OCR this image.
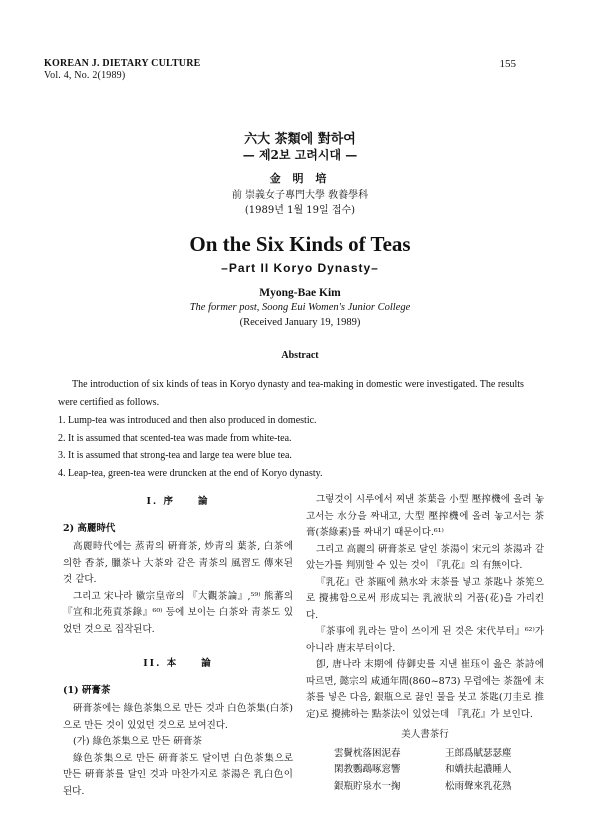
KOREAN J. DIETARY CULTURE
Vol. 4, No. 2(1989)
155
六大 茶類에 對하여
— 제2보 고려시대 —
金 明 培
前 崇義女子專門大學 敎養學科
(1989년 1월 19일 접수)
On the Six Kinds of Teas
–Part II Koryo Dynasty–
Myong-Bae Kim
The former post, Soong Eui Women's Junior College
(Received January 19, 1989)
Abstract

The introduction of six kinds of teas in Koryo dynasty and tea-making in domestic were investigated. The results were certified as follows.

1. Lump-tea was introduced and then also produced in domestic.
2. It is assumed that scented-tea was made from white-tea.
3. It is assumed that strong-tea and large tea were blue tea.
4. Leap-tea, green-tea were druncken at the end of Koryo dynasty.
I. 序　　論
2) 高麗時代

高麗時代에는 蒸靑의 硏膏茶, 炒靑의 葉茶, 白茶에 의한 香茶, 臘茶나 大茶와 같은 靑茶의 風習도 傳來된 것 같다.

그리고 宋나라 徽宗皇帝의 『大觀茶論』,⁵⁹⁾ 熊蕃의 『宣和北苑貢茶錄』⁶⁰⁾ 등에 보이는 白茶와 靑茶도 있었던 것으로 집작된다.

II. 本　　論
(1) 硏膏茶

硏膏茶에는 綠色茶集으로 만든 것과 白色茶集(白茶)으로 만든 것이 있었던 것으로 보여진다.

(가) 綠色茶集으로 만든 硏膏茶

綠色茶集으로 만든 硏膏茶도 달이면 白色茶集으로 만든 硏膏茶를 달인 것과 마찬가지로 茶湯은 乳白色이 된다.

그렇것이 시루에서 찌낸 茶葉을 小型 壓搾機에 올려 놓고서는 水分을 짜내고, 大型 壓搾機에 올려 놓고서는 茶膏(茶綠素)를 짜내기 때문이다.⁶¹⁾

그리고 高麗의 硏膏茶로 달인 茶湯이 宋元의 茶湯과 같았는가를 判別할 수 있는 것이 『乳花』의 有無이다.

『乳花』란 茶甌에 熱水와 末茶를 넣고 茶匙나 茶筅으로 攪拂함으로써 形成되는 乳液狀의 거품(花)을 가리킨다.

『茶事에 乳라는 말이 쓰이게 된 것은 宋代부터』⁶²⁾가 아니라 唐末부터이다.

卽, 唐나라 末期에 侍御史를 지낸 崔珏이 읊은 茶詩에 따르면, 懿宗의 咸通年間(860~873) 무렵에는 茶盌에 末茶를 넣은 다음, 銀瓶으로 끓인 물을 붓고 茶匙(刀圭로 推定)로 攪拂하는 點茶法이 있었는데 『乳花』가 보인다.

美人書茶行
雲鬢枕落困泥春	王郎爲賦瑟瑟塵
閑教鸚鵡啄窓響	和嬌扶起濃睡人
銀瓶貯泉水一掬	松雨聲來乳花熟
